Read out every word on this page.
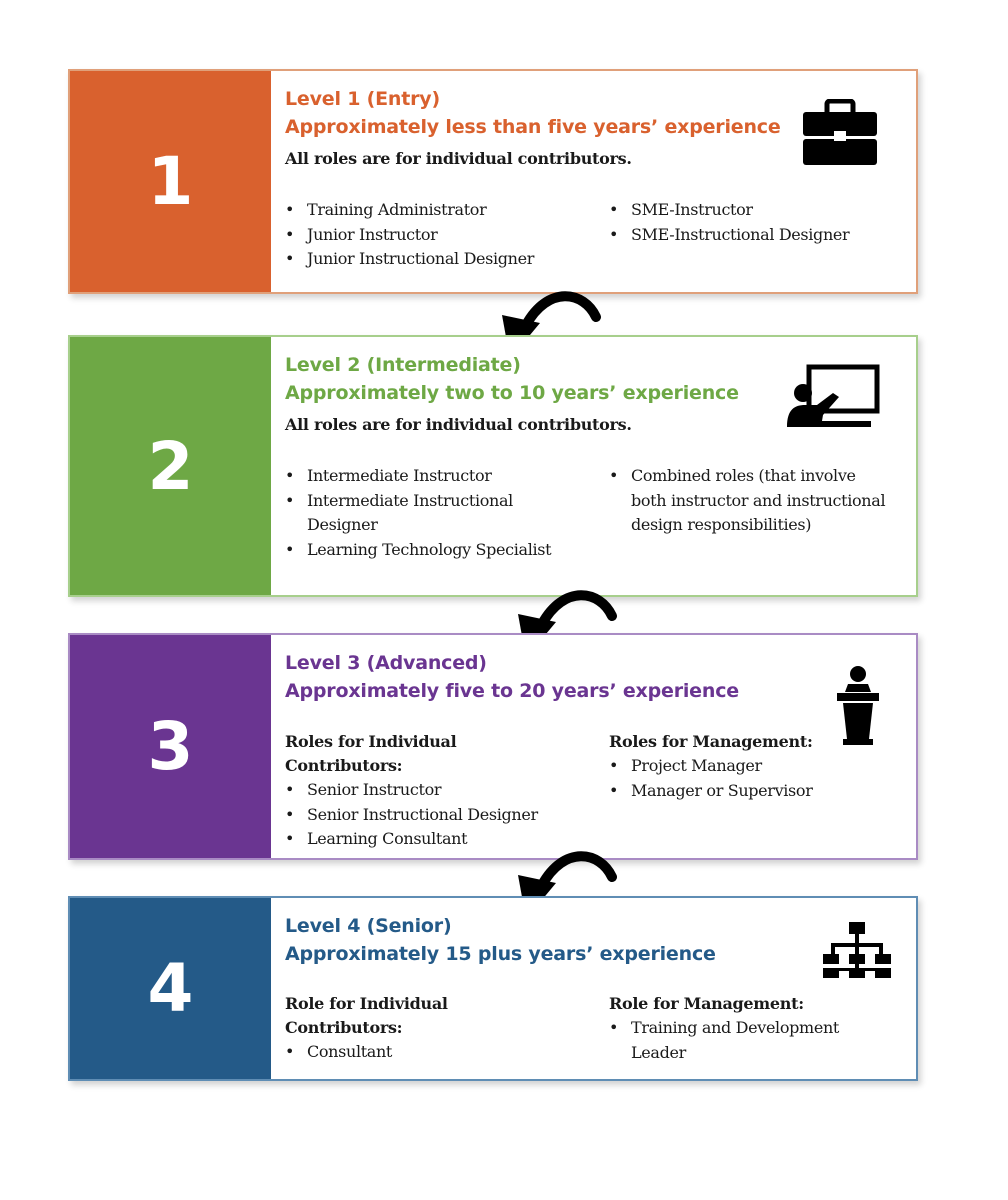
1
Level 1 (Entry)
Approximately less than five years’ experience
All roles are for individual contributors.
• Training Administrator
• Junior Instructor
• Junior Instructional Designer
• SME-Instructor
• SME-Instructional Designer
2
Level 2 (Intermediate)
Approximately two to 10 years’ experience
All roles are for individual contributors.
• Intermediate Instructor
• Intermediate Instructional Designer
• Learning Technology Specialist
• Combined roles (that involve both instructor and instructional design responsibilities)
3
Level 3 (Advanced)
Approximately five to 20 years’ experience
Roles for Individual Contributors:
• Senior Instructor
• Senior Instructional Designer
• Learning Consultant
Roles for Management:
• Project Manager
• Manager or Supervisor
4
Level 4 (Senior)
Approximately 15 plus years’ experience
Role for Individual Contributors:
• Consultant
Role for Management:
• Training and Development Leader
